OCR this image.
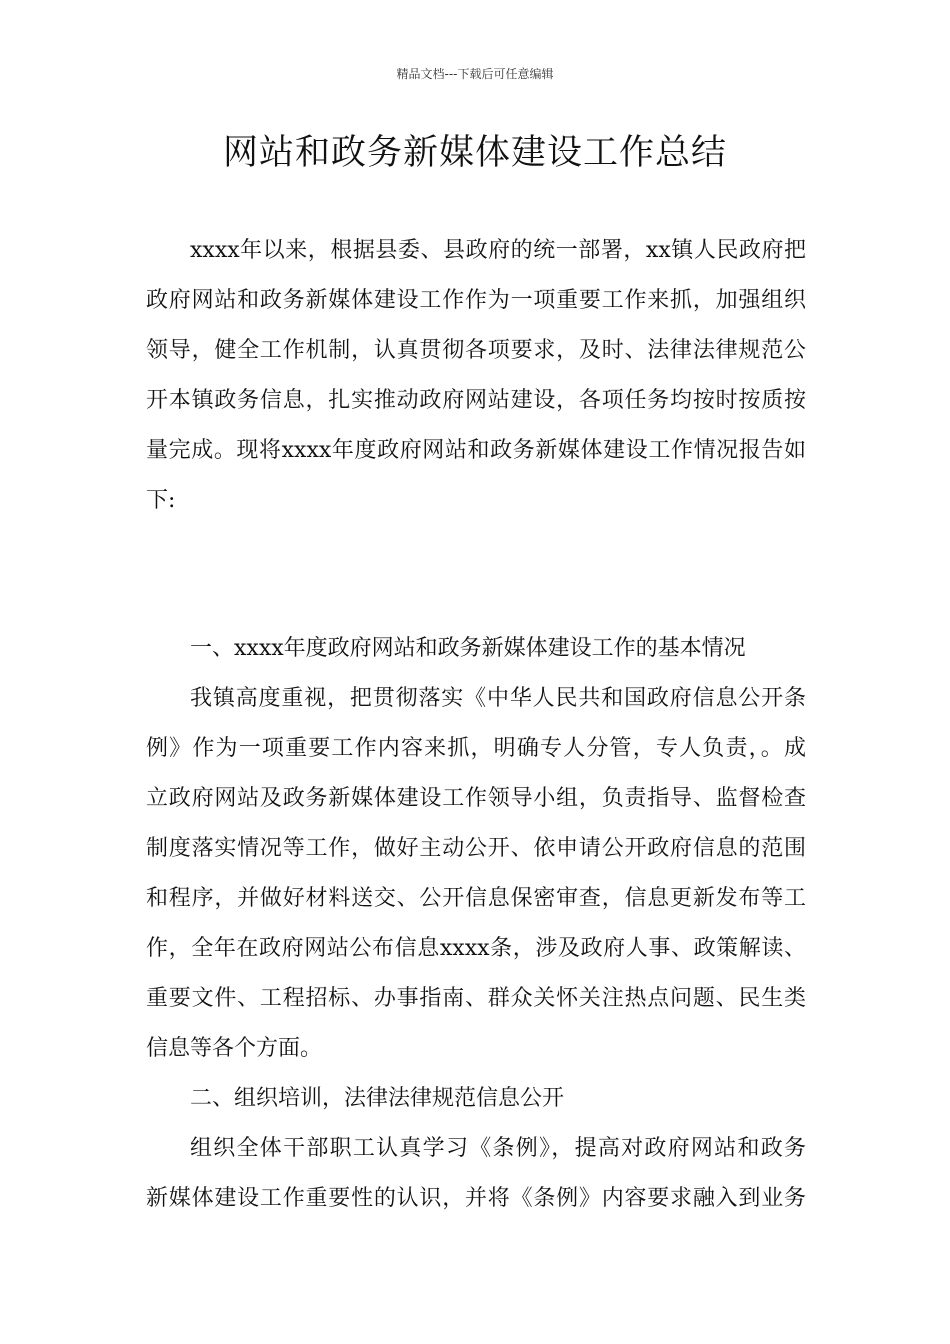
精品文档---下载后可任意编辑
网站和政务新媒体建设工作总结
xxxx年以来，根据县委、县政府的统一部署，xx镇人民政府把
政府网站和政务新媒体建设工作作为一项重要工作来抓，加强组织
领导，健全工作机制，认真贯彻各项要求，及时、法律法律规范公
开本镇政务信息，扎实推动政府网站建设，各项任务均按时按质按
量完成。现将xxxx年度政府网站和政务新媒体建设工作情况报告如
下:
一、xxxx年度政府网站和政务新媒体建设工作的基本情况
我镇高度重视，把贯彻落实《中华人民共和国政府信息公开条
例》作为一项重要工作内容来抓，明确专人分管，专人负责，。成
立政府网站及政务新媒体建设工作领导小组，负责指导、监督检查
制度落实情况等工作，做好主动公开、依申请公开政府信息的范围
和程序，并做好材料送交、公开信息保密审查，信息更新发布等工
作，全年在政府网站公布信息xxxx条，涉及政府人事、政策解读、
重要文件、工程招标、办事指南、群众关怀关注热点问题、民生类
信息等各个方面。
二、组织培训，法律法律规范信息公开
组织全体干部职工认真学习《条例》，提高对政府网站和政务
新媒体建设工作重要性的认识，并将《条例》内容要求融入到业务
